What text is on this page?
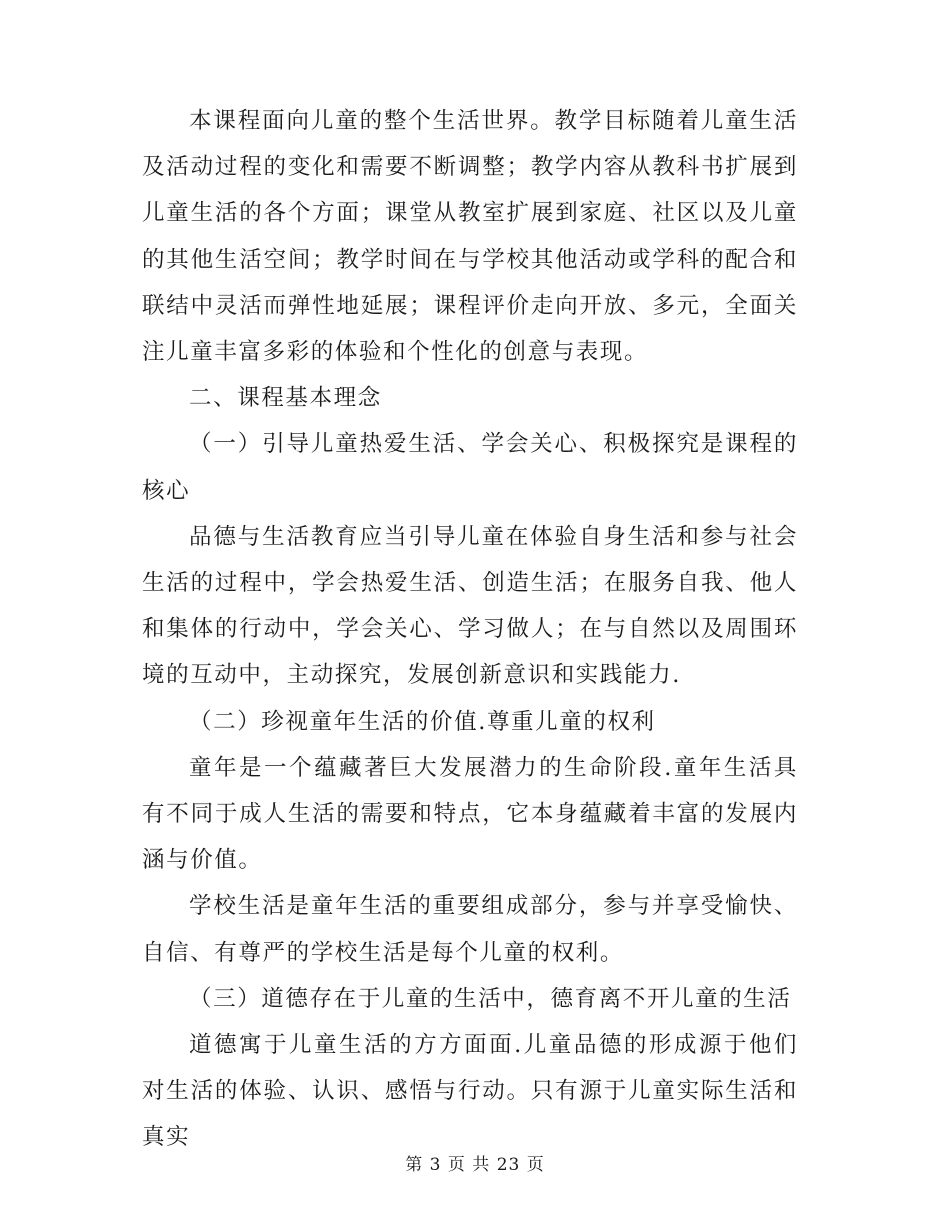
本课程面向儿童的整个生活世界。教学目标随着儿童生活及活动过程的变化和需要不断调整；教学内容从教科书扩展到儿童生活的各个方面；课堂从教室扩展到家庭、社区以及儿童的其他生活空间；教学时间在与学校其他活动或学科的配合和联结中灵活而弹性地延展；课程评价走向开放、多元，全面关注儿童丰富多彩的体验和个性化的创意与表现。

二、课程基本理念

（一）引导儿童热爱生活、学会关心、积极探究是课程的核心

品德与生活教育应当引导儿童在体验自身生活和参与社会生活的过程中，学会热爱生活、创造生活；在服务自我、他人和集体的行动中，学会关心、学习做人；在与自然以及周围环境的互动中，主动探究，发展创新意识和实践能力.

（二）珍视童年生活的价值.尊重儿童的权利

童年是一个蕴藏著巨大发展潜力的生命阶段.童年生活具有不同于成人生活的需要和特点，它本身蕴藏着丰富的发展内涵与价值。

学校生活是童年生活的重要组成部分，参与并享受愉快、自信、有尊严的学校生活是每个儿童的权利。

（三）道德存在于儿童的生活中，德育离不开儿童的生活

道德寓于儿童生活的方方面面.儿童品德的形成源于他们对生活的体验、认识、感悟与行动。只有源于儿童实际生活和真实

第 3 页 共 23 页
